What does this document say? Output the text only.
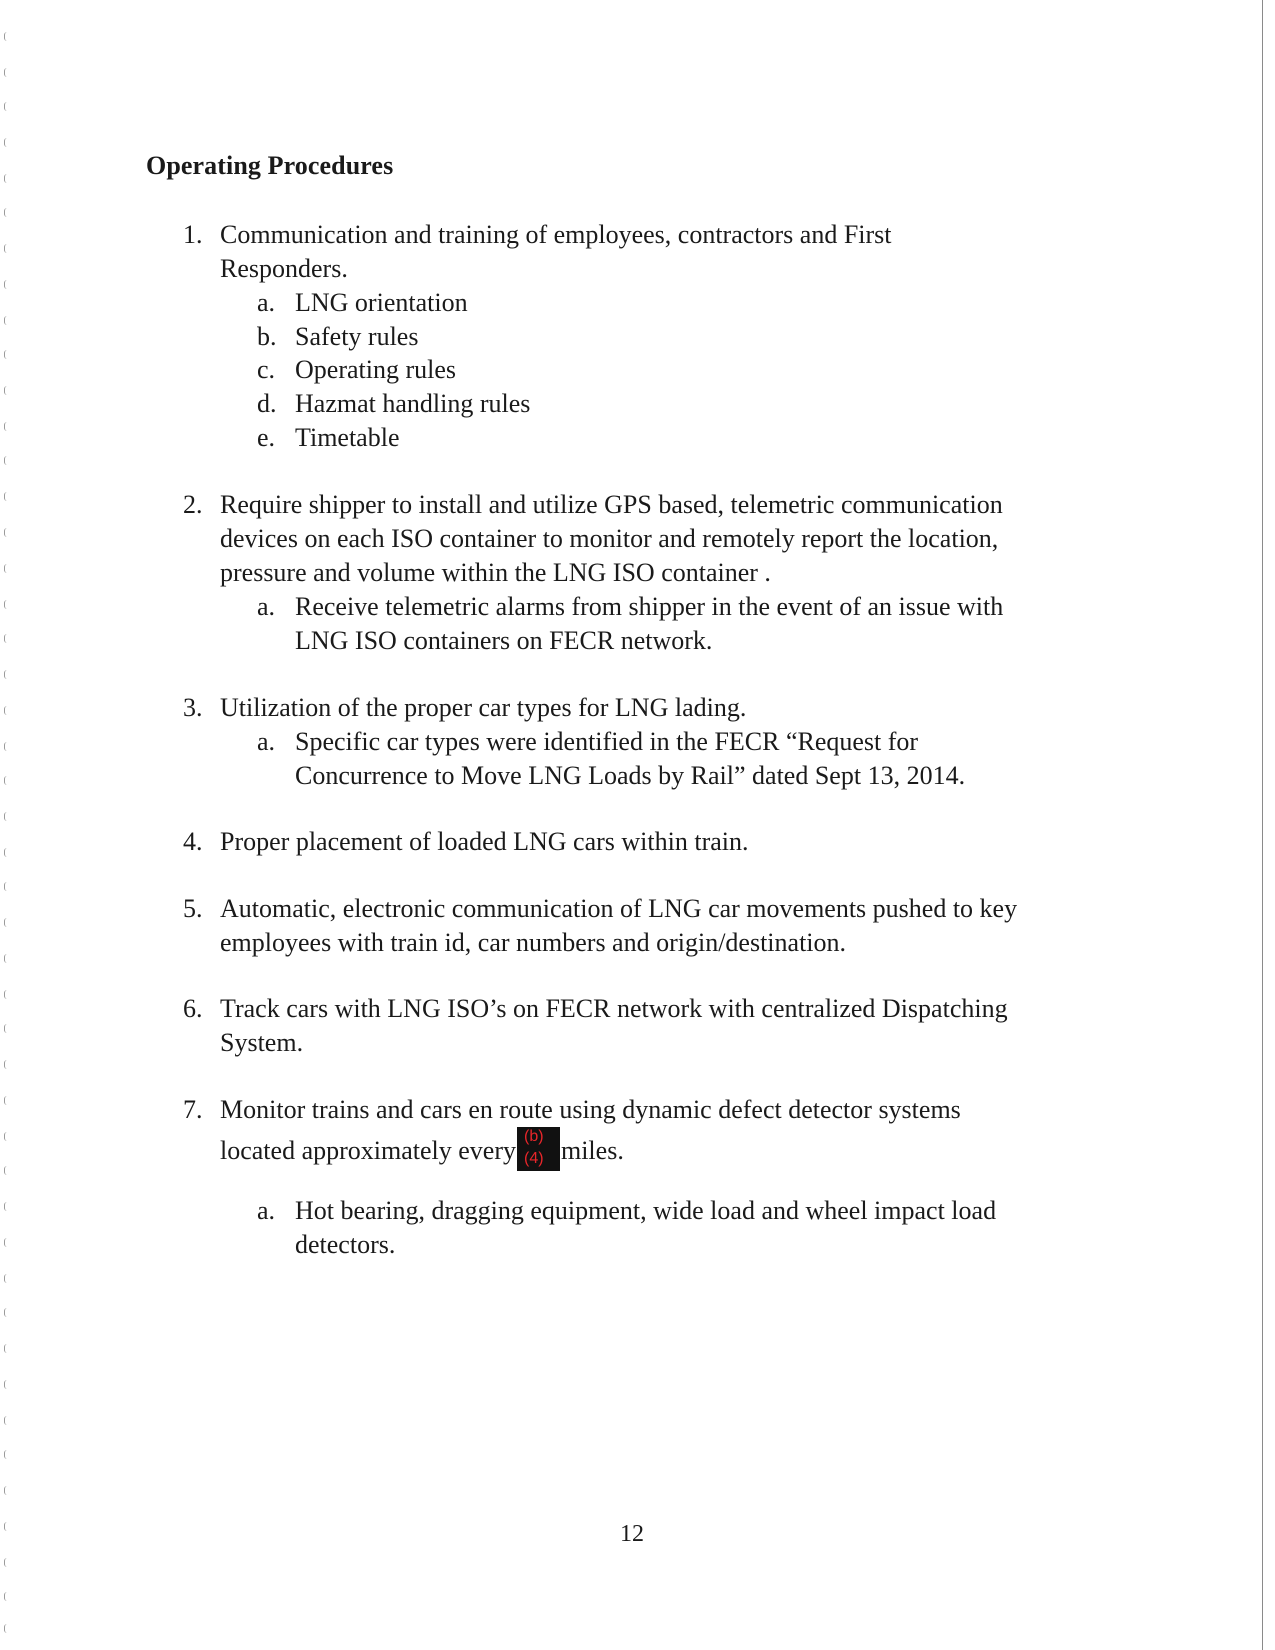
Operating Procedures
1. Communication and training of employees, contractors and First
Responders.
a. LNG orientation
b. Safety rules
c. Operating rules
d. Hazmat handling rules
e. Timetable
2. Require shipper to install and utilize GPS based, telemetric communication
devices on each ISO container to monitor and remotely report the location,
pressure and volume within the LNG ISO container .
a. Receive telemetric alarms from shipper in the event of an issue with
LNG ISO containers on FECR network.
3. Utilization of the proper car types for LNG lading.
a. Specific car types were identified in the FECR “Request for
Concurrence to Move LNG Loads by Rail” dated Sept 13, 2014.
4. Proper placement of loaded LNG cars within train.
5. Automatic, electronic communication of LNG car movements pushed to key
employees with train id, car numbers and origin/destination.
6. Track cars with LNG ISO’s on FECR network with centralized Dispatching
System.
7. Monitor trains and cars en route using dynamic defect detector systems
located approximately every (b)
(4) miles.
a. Hot bearing, dragging equipment, wide load and wheel impact load
detectors.
12
